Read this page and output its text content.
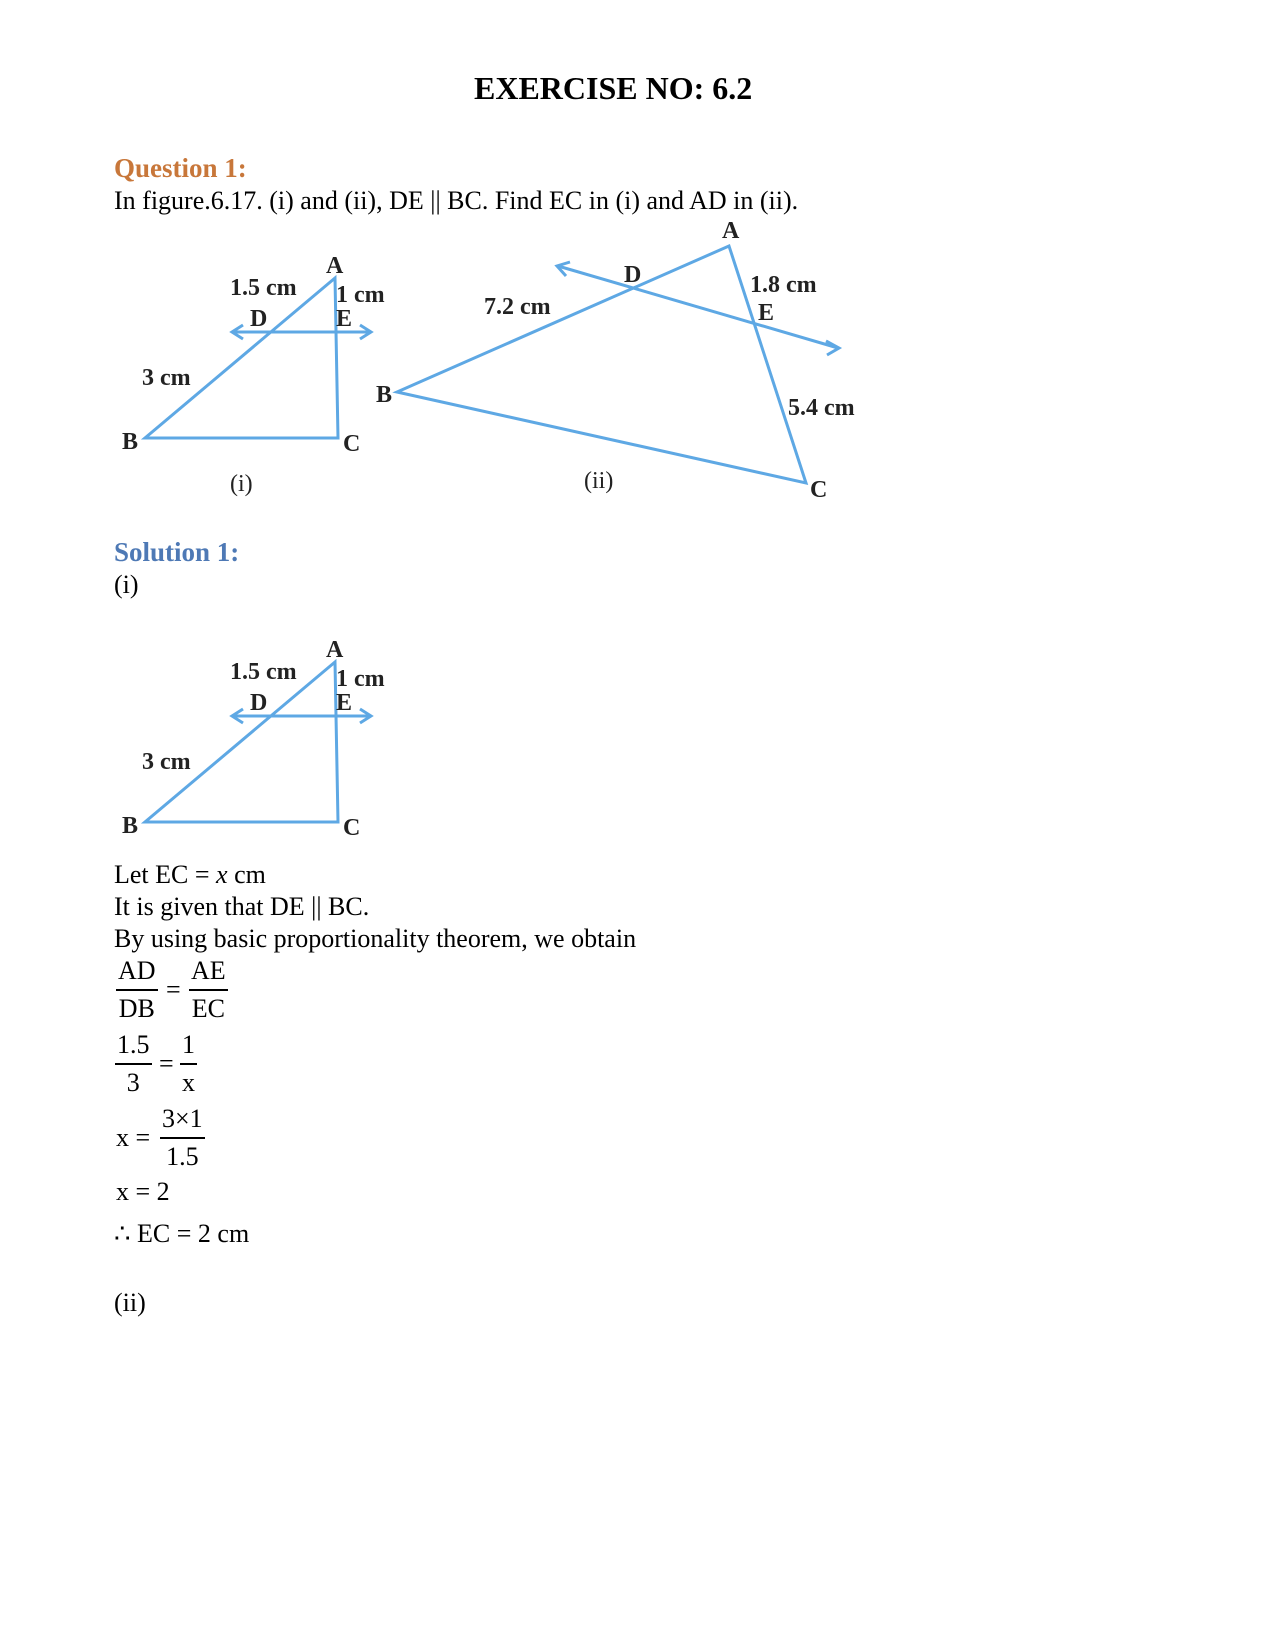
EXERCISE NO: 6.2
Question 1:
In figure.6.17. (i) and (ii), DE || BC. Find EC in (i) and AD in (ii).
A
B	C
D	E
1.5 cm 1 cm
3 cm
(i)
A
B
C
D
E
7.2 cm
1.8 cm
5.4 cm
(ii)
Solution 1:
(i)
A
B	C
D	E
1.5 cm 1 cm
3 cm
Let EC = x cm
It is given that DE || BC.
By using basic proportionality theorem, we obtain
$\frac{AD}{DB} = \frac{AE}{EC}$
$\frac{1.5}{3} = \frac{1}{x}$
$x = \frac{3\times 1}{1.5}$
x = 2
∴ EC = 2 cm
(ii)
